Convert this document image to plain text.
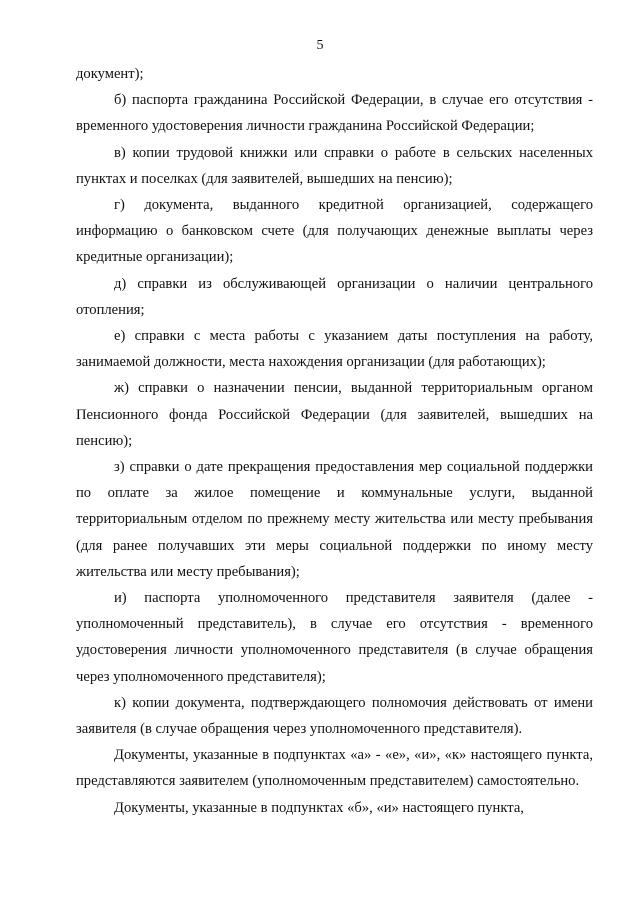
5

документ);

б) паспорта гражданина Российской Федерации, в случае его отсутствия - временного удостоверения личности гражданина Российской Федерации;

в) копии трудовой книжки или справки о работе в сельских населенных пунктах и поселках (для заявителей, вышедших на пенсию);

г) документа, выданного кредитной организацией, содержащего информацию о банковском счете (для получающих денежные выплаты через кредитные организации);

д) справки из обслуживающей организации о наличии центрального отопления;

е) справки с места работы с указанием даты поступления на работу, занимаемой должности, места нахождения организации (для работающих);

ж) справки о назначении пенсии, выданной территориальным органом Пенсионного фонда Российской Федерации (для заявителей, вышедших на пенсию);

з) справки о дате прекращения предоставления мер социальной поддержки по оплате за жилое помещение и коммунальные услуги, выданной территориальным отделом по прежнему месту жительства или месту пребывания (для ранее получавших эти меры социальной поддержки по иному месту жительства или месту пребывания);

и) паспорта уполномоченного представителя заявителя (далее - уполномоченный представитель), в случае его отсутствия - временного удостоверения личности уполномоченного представителя (в случае обращения через уполномоченного представителя);

к) копии документа, подтверждающего полномочия действовать от имени заявителя (в случае обращения через уполномоченного представителя).

Документы, указанные в подпунктах «а» - «е», «и», «к» настоящего пункта, представляются заявителем (уполномоченным представителем) самостоятельно.

Документы, указанные в подпунктах «б», «и» настоящего пункта,
